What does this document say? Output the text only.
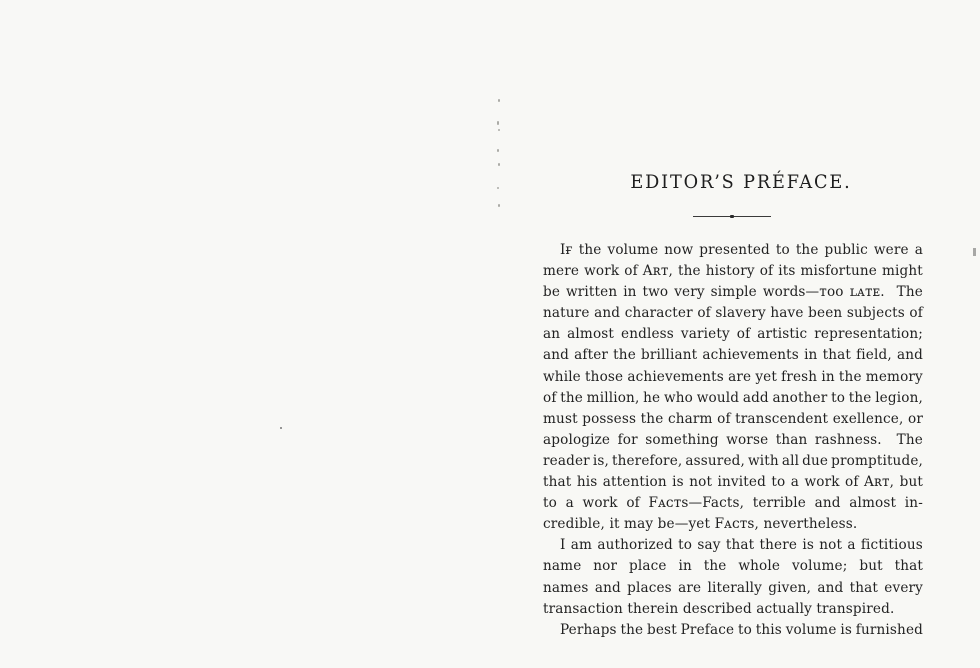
EDITOR’S PRÉFACE.
Iғ the volume now presented to the public were a
mere work of Aʀᴛ, the history of its misfortune might
be written in two very simple words—ᴛᴏᴏ ʟᴀᴛᴇ. The
nature and character of slavery have been subjects of
an almost endless variety of artistic representation;
and after the brilliant achievements in that field, and
while those achievements are yet fresh in the memory
of the million, he who would add another to the legion,
must possess the charm of transcendent exellence, or
apologize for something worse than rashness. The
reader is, therefore, assured, with all due promptitude,
that his attention is not invited to a work of Aʀᴛ, but
to a work of Fᴀᴄᴛs—Facts, terrible and almost in-
credible, it may be—yet Fᴀᴄᴛs, nevertheless.
I am authorized to say that there is not a fictitious
name nor place in the whole volume; but that
names and places are literally given, and that every
transaction therein described actually transpired.
Perhaps the best Preface to this volume is furnished
